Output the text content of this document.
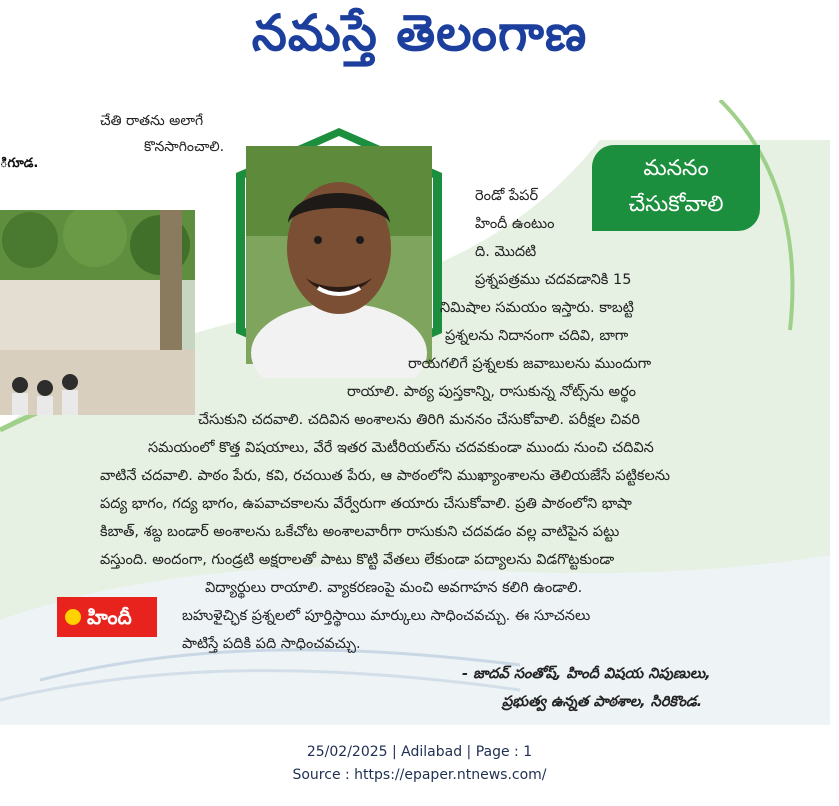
నమస్తే తెలంగాణ
చేతి రాతను అలాగే
కొనసాగించాలి.
ిగూడ.	మననం
చేసుకోవాలి
రెండో పేపర్
హిందీ ఉంటుం
ది. మొదటి
ప్రశ్నపత్రము చదవడానికి 15
నిమిషాల సమయం ఇస్తారు. కాబట్టి
ప్రశ్నలను నిదానంగా చదివి, బాగా
రాయగలిగే ప్రశ్నలకు జవాబులను ముందుగా
రాయాలి. పాఠ్య పుస్తకాన్ని, రాసుకున్న నోట్స్‌ను అర్థం
చేసుకుని చదవాలి. చదివిన అంశాలను తిరిగి మననం చేసుకోవాలి. పరీక్షల చివరి
సమయంలో కొత్త విషయాలు, వేరే ఇతర మెటీరియల్‌ను చదవకుండా ముందు నుంచి చదివిన
వాటినే చదవాలి. పాఠం పేరు, కవి, రచయిత పేరు, ఆ పాఠంలోని ముఖ్యాంశాలను తెలియజేసే పట్టికలను
పద్య భాగం, గద్య భాగం, ఉపవాచకాలను వేర్వేరుగా తయారు చేసుకోవాలి. ప్రతి పాఠంలోని భాషా
కిబాత్, శబ్ద బండార్ అంశాలను ఒకేచోట అంశాలవారీగా రాసుకుని చదవడం వల్ల వాటిపైన పట్టు
వస్తుంది. అందంగా, గుండ్రటి అక్షరాలతో పాటు కొట్టి వేతలు లేకుండా పద్యాలను విడగొట్టకుండా
విద్యార్థులు రాయాలి. వ్యాకరణంపై మంచి అవగాహన కలిగి ఉండాలి.
బహుళైచ్ఛిక ప్రశ్నలలో పూర్తిస్థాయి మార్కులు సాధించవచ్చు. ఈ సూచనలు
పాటిస్తే పదికి పది సాధించవచ్చు.
హిందీ
- జాదవ్ సంతోష్, హిందీ విషయ నిపుణులు,
ప్రభుత్వ ఉన్నత పాఠశాల, సిరికొండ.
25/02/2025 | Adilabad | Page : 1
Source : https://epaper.ntnews.com/
